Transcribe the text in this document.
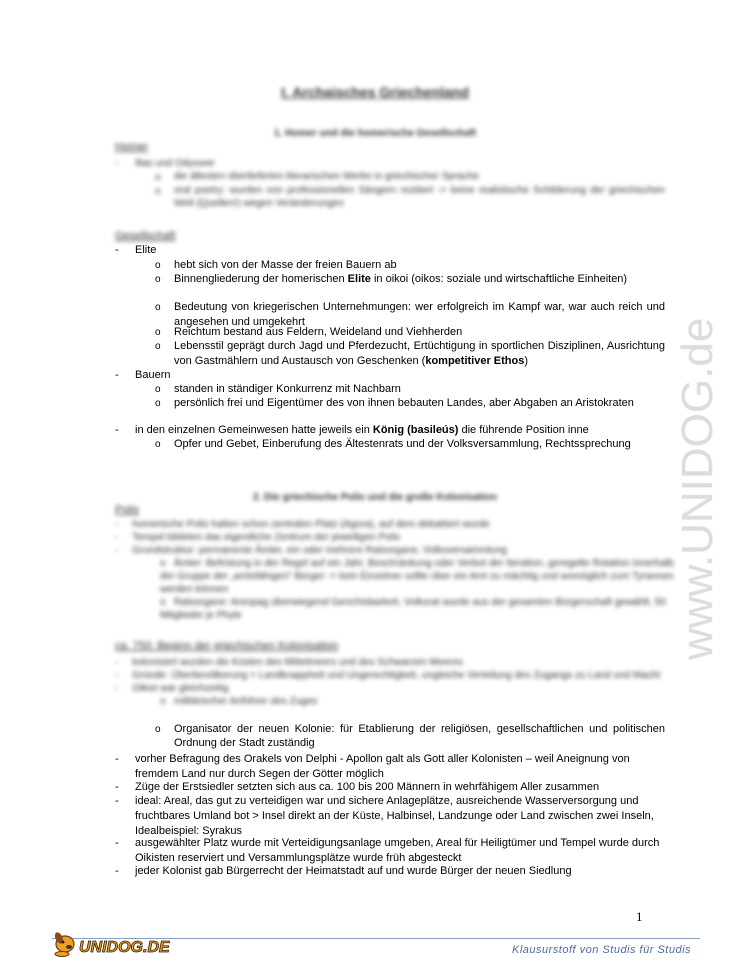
I. Archaisches Griechenland
1. Homer und die homerische Gesellschaft
Homer
- Ilias und Odyssee
o die ältesten überlieferten literarischen Werke in griechischer Sprache
o oral poetry: wurden von professionellen Sängern rezitiert -> keine realistische Schilderung der griechischen Welt (Quellen!) wegen Veränderungen
Gesellschaft
- Elite
o hebt sich von der Masse der freien Bauern ab
o Binnengliederung der homerischen Elite in oikoi (oikos: soziale und wirtschaftliche Einheiten)
o Bedeutung von kriegerischen Unternehmungen: wer erfolgreich im Kampf war, war auch reich und angesehen und umgekehrt
o Reichtum bestand aus Feldern, Weideland und Viehherden
o Lebensstil geprägt durch Jagd und Pferdezucht, Ertüchtigung in sportlichen Disziplinen, Ausrichtung von Gastmählern und Austausch von Geschenken (kompetitiver Ethos)
- Bauern
o standen in ständiger Konkurrenz mit Nachbarn
o persönlich frei und Eigentümer des von ihnen bebauten Landes, aber Abgaben an Aristokraten
- in den einzelnen Gemeinwesen hatte jeweils ein König (basileús) die führende Position inne
o Opfer und Gebet, Einberufung des Ältestenrats und der Volksversammlung, Rechtssprechung
2. Die griechische Polis und die große Kolonisation
Polis
-     homerische Polis hatten schon zentralen Platz (Agora), auf dem debattiert wurde
-     Tempel bildeten das eigentliche Zentrum der jeweiligen Polis
-     Grundstruktur: permanente Ämter, ein oder mehrere Ratsorgane, Volksversammlung
o   Ämter: Befristung in der Regel auf ein Jahr, Beschränkung oder Verbot der Iteration, geregelte Rotation innerhalb der Gruppe der „amtsfähigen“ Bürger -> kein Einzelner sollte über ein Amt zu mächtig und womöglich zum Tyrannen werden können
o   Ratsorgane: Areopag überwiegend Gerichtsbarkeit, Volksrat wurde aus der gesamten Bürgerschaft gewählt, 50 Mitglieder je Phyle
ca. 750: Beginn der griechischen Kolonisation
-     kolonisiert wurden die Küsten des Mittelmeers und des Schwarzen Meeres
-     Gründe: Überbevölkerung > Landknappheit und Ungerechtigkeit, ungleiche Verteilung des Zugangs zu Land und Macht
-     Oikist war gleichzeitig
o   militärischer Anführer des Zuges
o Organisator der neuen Kolonie: für Etablierung der religiösen, gesellschaftlichen und politischen Ordnung der Stadt zuständig
- vorher Befragung des Orakels von Delphi - Apollon galt als Gott aller Kolonisten – weil Aneignung von fremdem Land nur durch Segen der Götter möglich
- Züge der Erstsiedler setzten sich aus ca. 100 bis 200 Männern in wehrfähigem Aller zusammen
- ideal: Areal, das gut zu verteidigen war und sichere Anlageplätze, ausreichende Wasserversorgung und fruchtbares Umland bot > Insel direkt an der Küste, Halbinsel, Landzunge oder Land zwischen zwei Inseln, Idealbeispiel: Syrakus
- ausgewählter Platz wurde mit Verteidigungsanlage umgeben, Areal für Heiligtümer und Tempel wurde durch Oikisten reserviert und Versammlungsplätze wurde früh abgesteckt
- jeder Kolonist gab Bürgerrecht der Heimatstadt auf und wurde Bürger der neuen Siedlung
www.UNIDOG.de
1
UNIDOG.DE	Klausurstoff von Studis für Studis
